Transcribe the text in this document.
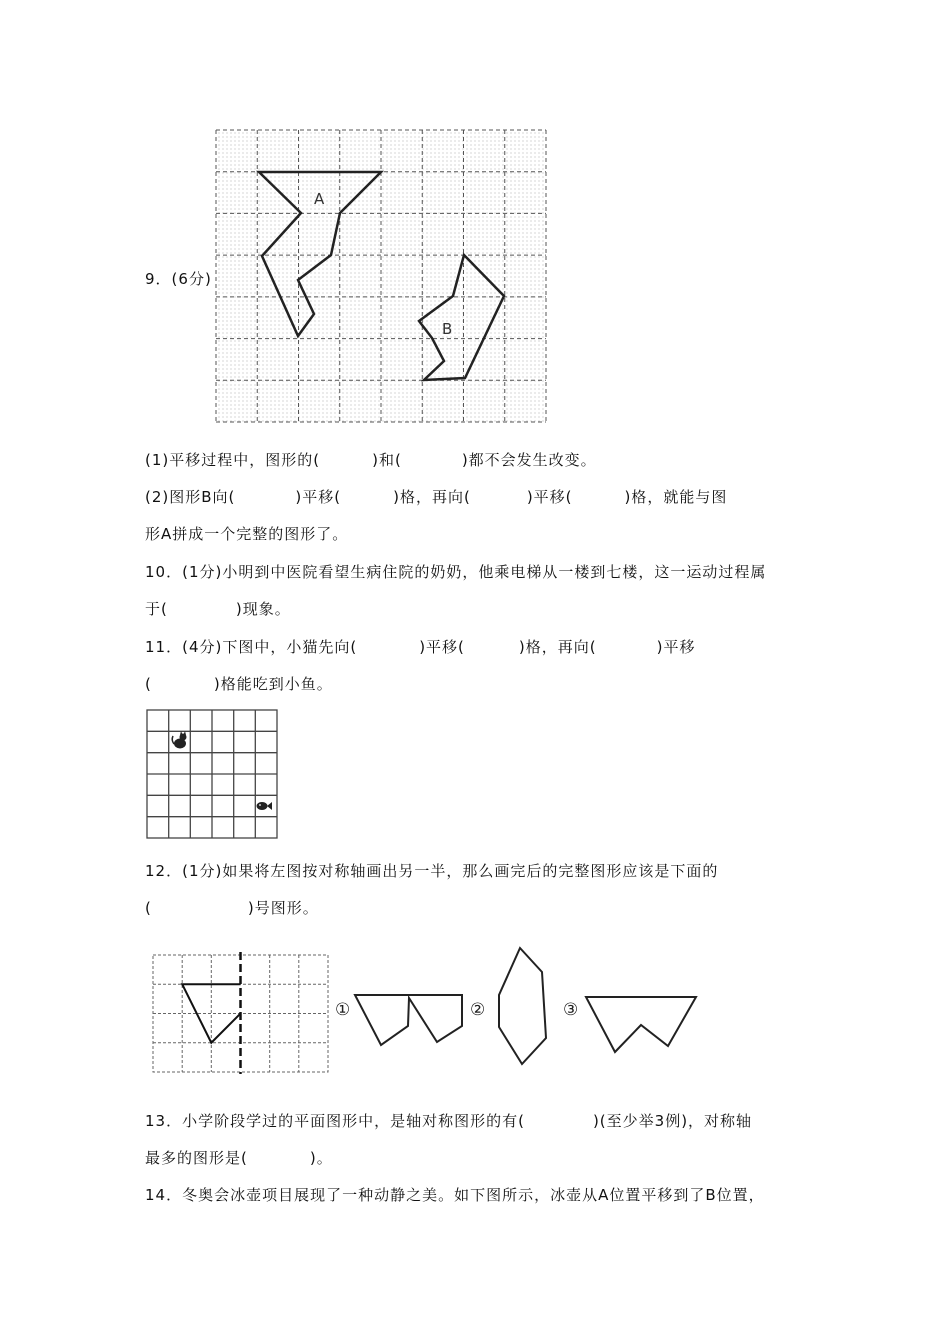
9．(6分)
A
B
(1)平移过程中，图形的(	)和(	)都不会发生改变。
(2)图形B向(	)平移(	)格，再向(	)平移(	)格，就能与图
形A拼成一个完整的图形了。
10．(1分)小明到中医院看望生病住院的奶奶，他乘电梯从一楼到七楼，这一运动过程属
于(	)现象。
11．(4分)下图中，小猫先向(	)平移(	)格，再向(	)平移
(	)格能吃到小鱼。
12．(1分)如果将左图按对称轴画出另一半，那么画完后的完整图形应该是下面的
(	)号图形。
①	②	③
13．小学阶段学过的平面图形中，是轴对称图形的有(	)(至少举3例)，对称轴
最多的图形是(	)。
14．冬奥会冰壶项目展现了一种动静之美。如下图所示，冰壶从A位置平移到了B位置，
